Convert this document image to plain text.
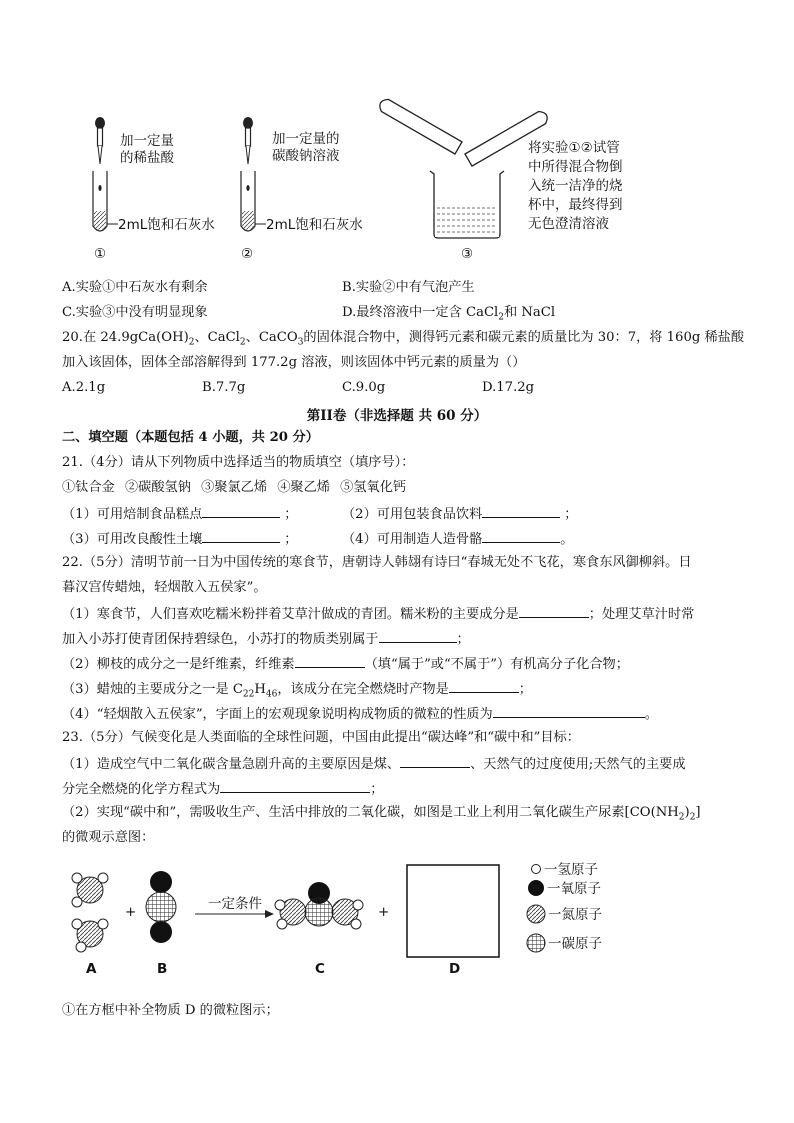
加一定量
的稀盐酸
2mL饱和石灰水
①
加一定量的
碳酸钠溶液
2mL饱和石灰水
②	③
将实验①②试管
中所得混合物倒
入统一洁净的烧
杯中，最终得到
无色澄清溶液
A.实验①中石灰水有剩余	B.实验②中有气泡产生
C.实验③中没有明显现象	D.最终溶液中一定含 CaCl$_2$和 NaCl
20.在 $24.9gCa(OH)_2$、CaCl$_2$、CaCO$_3$的固体混合物中，测得钙元素和碳元素的质量比为 30：7，将 160g 稀盐酸
加入该固体，固体全部溶解得到 177.2g 溶液，则该固体中钙元素的质量为（）
A.2.1g	B.7.7g	C.9.0g	D.17.2g
第II卷（非选择题 共 60 分）
二、填空题（本题包括 4 小题，共 20 分）
21.（4分）请从下列物质中选择适当的物质填空（填序号）：
①钛合金 ②碳酸氢钠 ③聚氯乙烯 ④聚乙烯 ⑤氢氧化钙
（1）可用焙制食品糕点	；	（2）可用包装食品饮料	；
（3）可用改良酸性土壤	；	（4）可用制造人造骨骼	。
22.（5分）清明节前一日为中国传统的寒食节，唐朝诗人韩翃有诗曰“春城无处不飞花，寒食东风御柳斜。日
暮汉宫传蜡烛，轻烟散入五侯家”。
（1）寒食节，人们喜欢吃糯米粉拌着艾草汁做成的青团。糯米粉的主要成分是	；处理艾草汁时常
加入小苏打使青团保持碧绿色，小苏打的物质类别属于	；
（2）柳枝的成分之一是纤维素，纤维素	（填“属于”或“不属于”）有机高分子化合物；
（3）蜡烛的主要成分之一是 $C_{22}H_{46}$，该成分在完全燃烧时产物是	；
（4）“轻烟散入五侯家”，字面上的宏观现象说明构成物质的微粒的性质为	。
23.（5分）气候变化是人类面临的全球性问题，中国由此提出“碳达峰”和“碳中和”目标：
（1）造成空气中二氧化碳含量急剧升高的主要原因是煤、	、天然气的过度使用;天然气的主要成
分完全燃烧的化学方程式为	；
（2）实现“碳中和”，需吸收生产、生活中排放的二氧化碳，如图是工业上利用二氧化碳生产尿素$[CO(NH_2)_2]$
的微观示意图：
A
+
B
一定条件
C
+
D
一氢原子
一氧原子
一氮原子
一碳原子
①在方框中补全物质 D 的微粒图示；
